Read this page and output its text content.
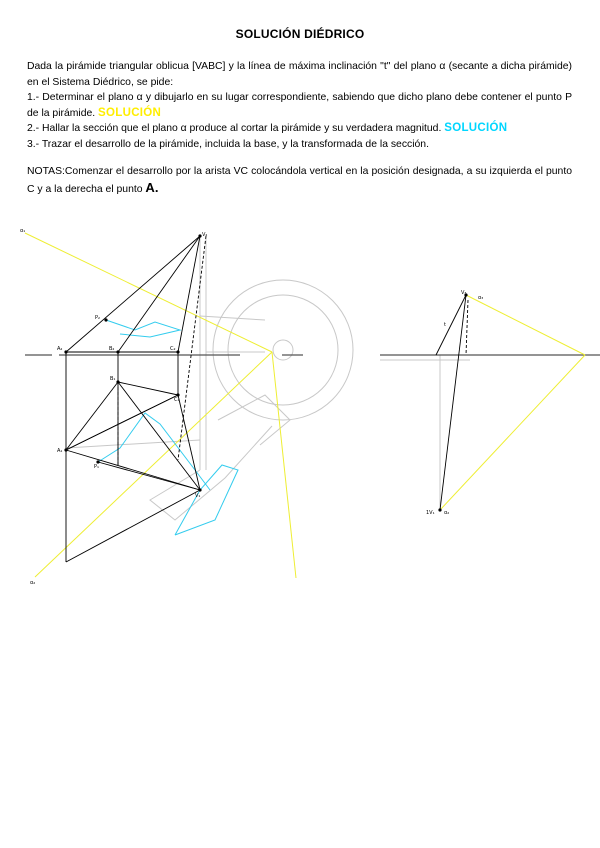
SOLUCIÓN DIÉDRICO
Dada la pirámide triangular oblicua [VABC] y la línea de máxima inclinación "t" del plano α (secante a dicha pirámide) en el Sistema Diédrico, se pide:
1.- Determinar el plano α y dibujarlo en su lugar correspondiente, sabiendo que dicho plano debe contener el punto P de la pirámide. SOLUCIÓN
2.- Hallar la sección que el plano α produce al cortar la pirámide y su verdadera magnitud. SOLUCIÓN
3.- Trazar el desarrollo de la pirámide, incluida la base, y la transformada de la sección.
NOTAS:Comenzar el desarrollo por la arista VC colocándola vertical en la posición designada, a su izquierda el punto C y a la derecha el punto A.
α₁
α₂
V₂
P₂
A₂	B₂	C₂
B₁
A₁
P₁
C₁
V₁
V₃
α₃
t
1V₁ α₂
